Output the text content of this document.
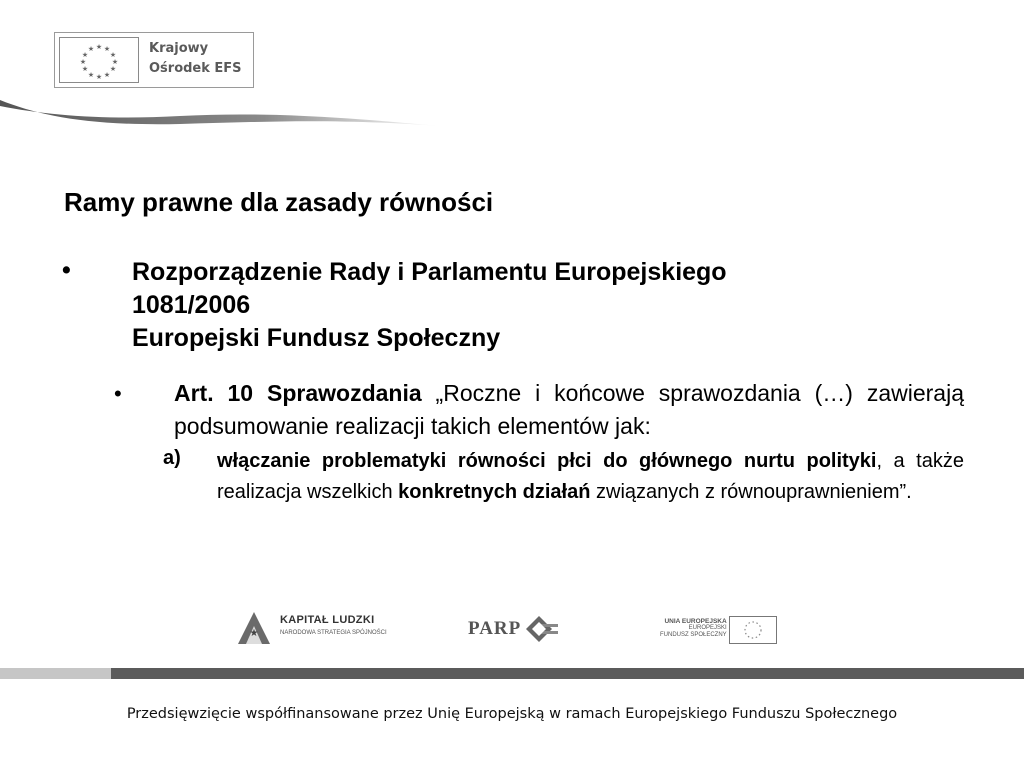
★ ★
★
★
★
★
★
★
★
★
★
★	Krajowy
Ośrodek EFS
Ramy prawne dla zasady równości
• Rozporządzenie Rady i Parlamentu Europejskiego
1081/2006
Europejski Fundusz Społeczny
• Art. 10 Sprawozdania „Roczne i końcowe sprawozdania (…) zawierają podsumowanie realizacji takich elementów jak:
a) włączanie problematyki równości płci do głównego nurtu polityki, a także realizacja wszelkich konkretnych działań związanych z równouprawnieniem”.
★
KAPITAŁ LUDZKI
NARODOWA STRATEGIA SPÓJNOŚCI	PARP	UNIA EUROPEJSKA
EUROPEJSKI
FUNDUSZ SPOŁECZNY
Przedsięwzięcie współfinansowane przez Unię Europejską w ramach Europejskiego Funduszu Społecznego
